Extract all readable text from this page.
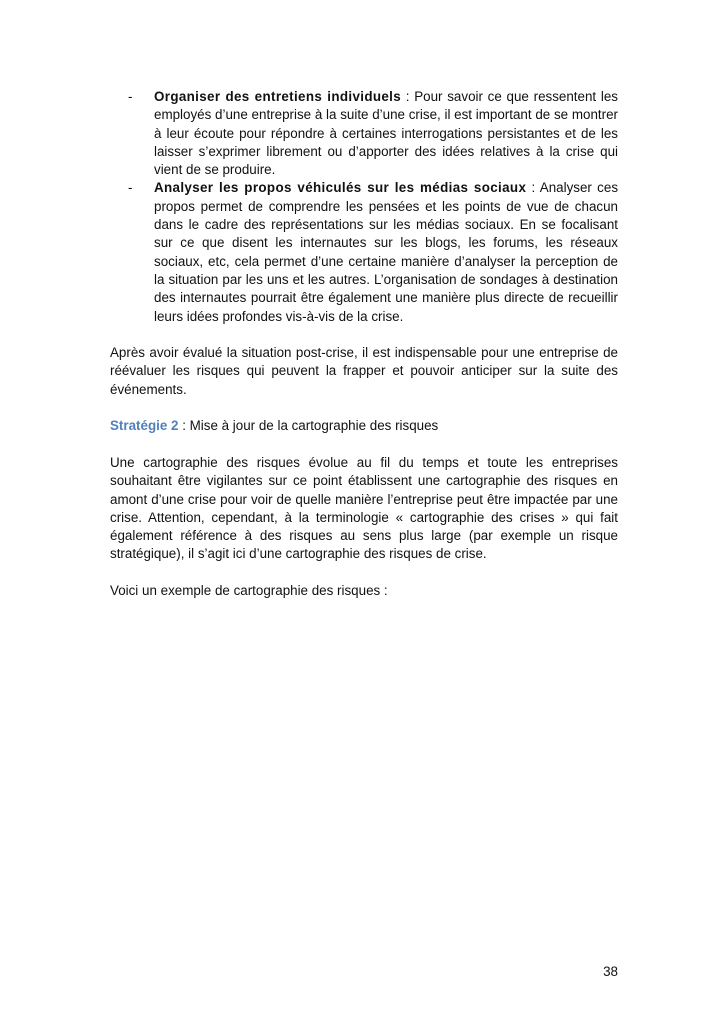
- Organiser des entretiens individuels : Pour savoir ce que ressentent les employés d’une entreprise à la suite d’une crise, il est important de se montrer à leur écoute pour répondre à certaines interrogations persistantes et de les laisser s’exprimer librement ou d’apporter des idées relatives à la crise qui vient de se produire.
- Analyser les propos véhiculés sur les médias sociaux : Analyser ces propos permet de comprendre les pensées et les points de vue de chacun dans le cadre des représentations sur les médias sociaux. En se focalisant sur ce que disent les internautes sur les blogs, les forums, les réseaux sociaux, etc, cela permet d’une certaine manière d’analyser la perception de la situation par les uns et les autres. L’organisation de sondages à destination des internautes pourrait être également une manière plus directe de recueillir leurs idées profondes vis-à-vis de la crise.

Après avoir évalué la situation post-crise, il est indispensable pour une entreprise de réévaluer les risques qui peuvent la frapper et pouvoir anticiper sur la suite des événements.

Stratégie 2 : Mise à jour de la cartographie des risques

Une cartographie des risques évolue au fil du temps et toute les entreprises souhaitant être vigilantes sur ce point établissent une cartographie des risques en amont d’une crise pour voir de quelle manière l’entreprise peut être impactée par une crise. Attention, cependant, à la terminologie « cartographie des crises » qui fait également référence à des risques au sens plus large (par exemple un risque stratégique), il s’agit ici d’une cartographie des risques de crise.

Voici un exemple de cartographie des risques :

38
